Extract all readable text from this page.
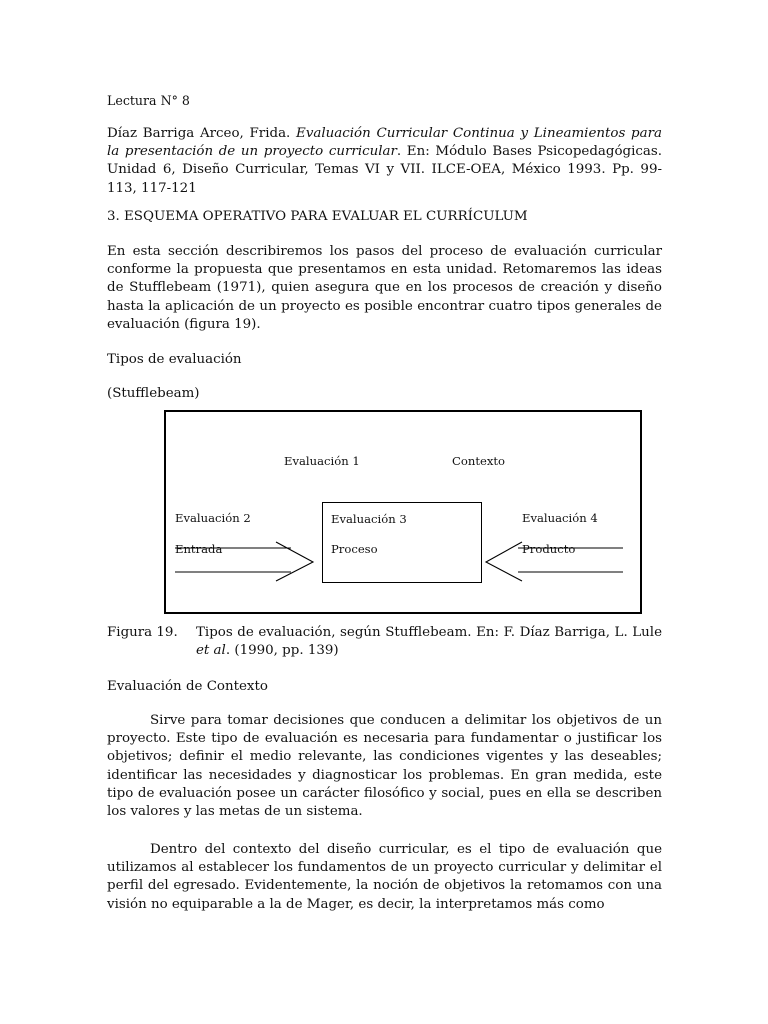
Lectura N° 8

Díaz Barriga Arceo, Frida. Evaluación Curricular Continua y Lineamientos para la presentación de un proyecto curricular. En: Módulo Bases Psicopedagógicas. Unidad 6, Diseño Curricular, Temas VI y VII. ILCE-OEA, México 1993. Pp. 99-113, 117-121

3. ESQUEMA OPERATIVO PARA EVALUAR EL CURRÍCULUM

En esta sección describiremos los pasos del proceso de evaluación curricular conforme la propuesta que presentamos en esta unidad. Retomaremos las ideas de Stufflebeam (1971), quien asegura que en los procesos de creación y diseño hasta la aplicación de un proyecto es posible encontrar cuatro tipos generales de evaluación (figura 19).

Tipos de evaluación

(Stufflebeam)

Evaluación 1	Contexto
Evaluación 2
Entrada
Evaluación 3
Proceso
Evaluación 4
Producto
Figura 19. Tipos de evaluación, según Stufflebeam. En: F. Díaz Barriga, L. Lule et al. (1990, pp. 139)

Evaluación de Contexto

Sirve para tomar decisiones que conducen a delimitar los objetivos de un proyecto. Este tipo de evaluación es necesaria para fundamentar o justificar los objetivos; definir el medio relevante, las condiciones vigentes y las deseables; identificar las necesidades y diagnosticar los problemas. En gran medida, este tipo de evaluación posee un carácter filosófico y social, pues en ella se describen los valores y las metas de un sistema.

Dentro del contexto del diseño curricular, es el tipo de evaluación que utilizamos al establecer los fundamentos de un proyecto curricular y delimitar el perfil del egresado. Evidentemente, la noción de objetivos la retomamos con una visión no equiparable a la de Mager, es decir, la interpretamos más como
